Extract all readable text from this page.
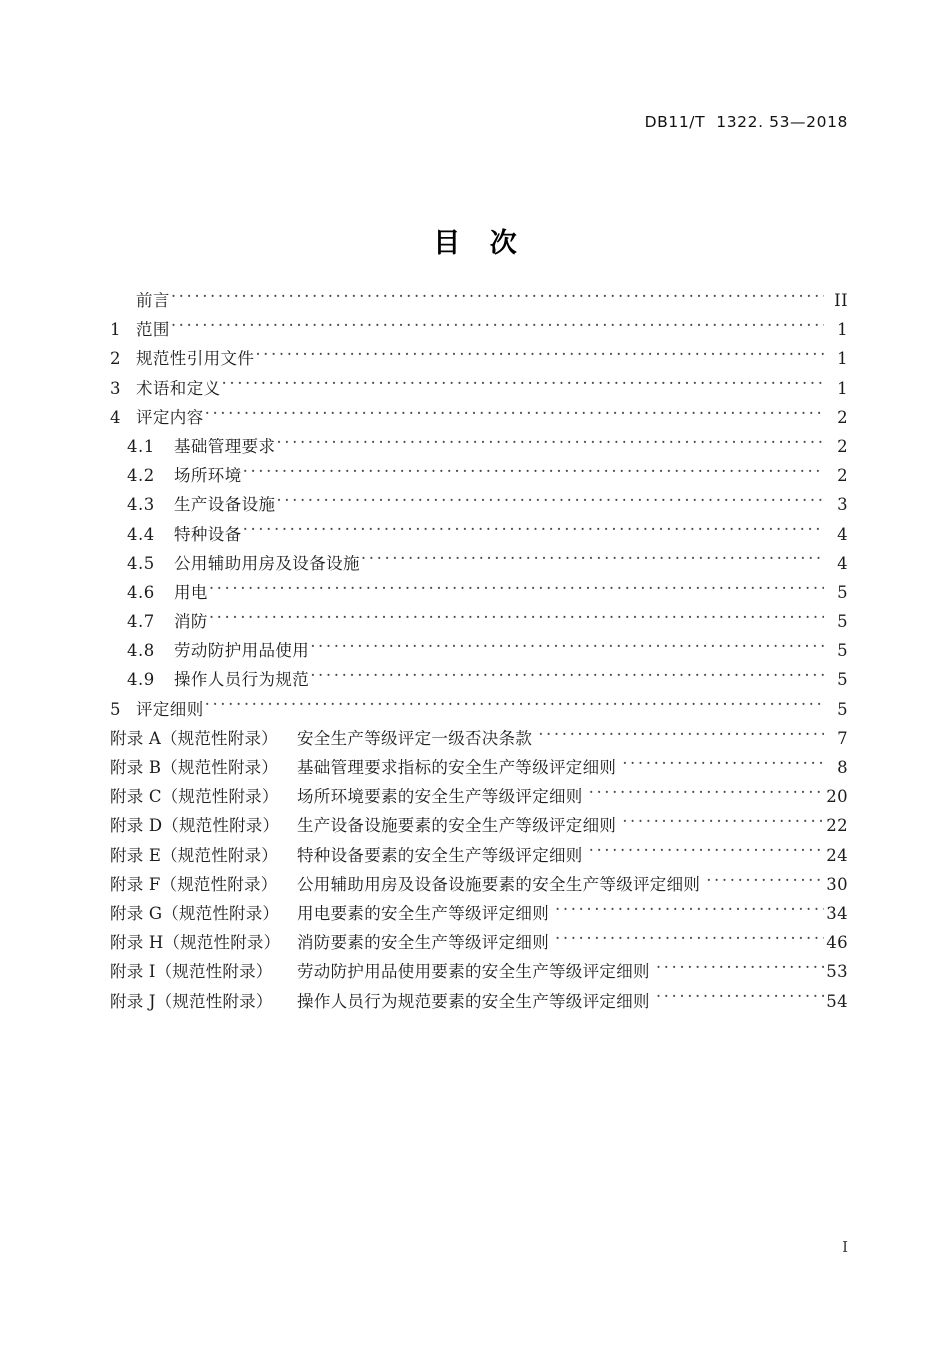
DB11/T  1322. 53—2018
目 次
前言 .....	II
1 范围 .....	1
2 规范性引用文件 .....	1
3 术语和定义 .....	1
4 评定内容 .....	2
4.1	基础管理要求 .....	2
4.2	场所环境 .....	2
4.3	生产设备设施 .....	3
4.4	特种设备 .....	4
4.5	公用辅助用房及设备设施 .....	4
4.6	用电 .....	5
4.7	消防 .....	5
4.8	劳动防护用品使用 .....	5
4.9	操作人员行为规范 .....	5
5 评定细则 .....	5
附录 A（规范性附录）	安全生产等级评定一级否决条款 .....	7
附录 B（规范性附录）	基础管理要求指标的安全生产等级评定细则 .....	8
附录 C（规范性附录）	场所环境要素的安全生产等级评定细则 .....	20
附录 D（规范性附录）	生产设备设施要素的安全生产等级评定细则 .....	22
附录 E（规范性附录）	特种设备要素的安全生产等级评定细则 .....	24
附录 F（规范性附录）	公用辅助用房及设备设施要素的安全生产等级评定细则 .....	30
附录 G（规范性附录）	用电要素的安全生产等级评定细则 .....	34
附录 H（规范性附录）	消防要素的安全生产等级评定细则 .....	46
附录 I（规范性附录）	劳动防护用品使用要素的安全生产等级评定细则 .....	53
附录 J（规范性附录）	操作人员行为规范要素的安全生产等级评定细则 .....	54
I
